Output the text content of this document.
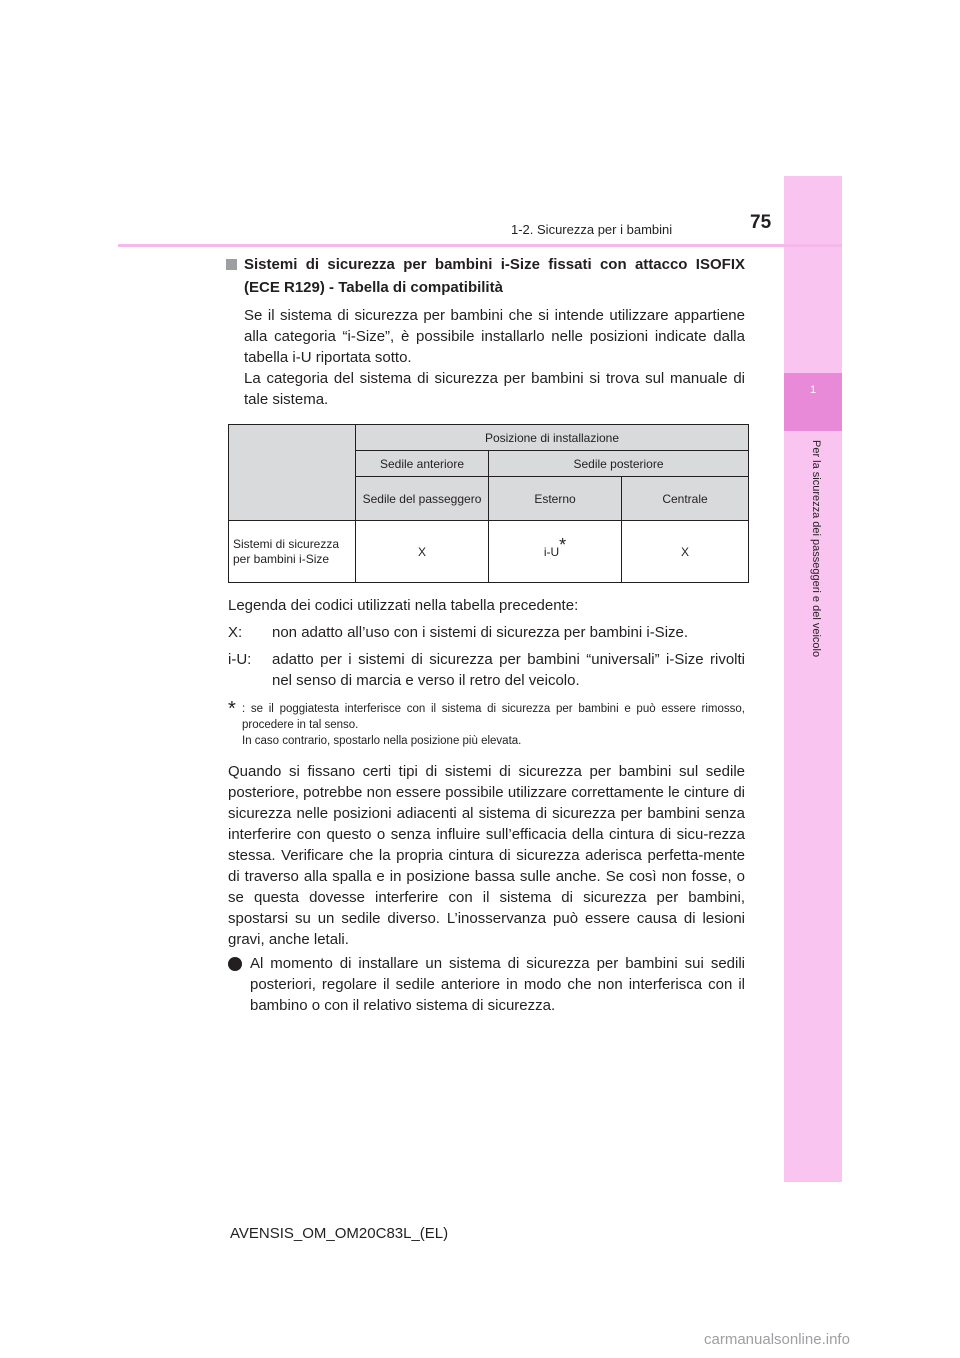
1
Per la sicurezza dei passeggeri e del veicolo
75
1-2. Sicurezza per i bambini

Sistemi di sicurezza per bambini i-Size fissati con attacco ISOFIX (ECE R129) - Tabella di compatibilità

Se il sistema di sicurezza per bambini che si intende utilizzare appartiene alla categoria “i-Size”, è possibile installarlo nelle posizioni indicate dalla tabella i-U riportata sotto.

La categoria del sistema di sicurezza per bambini si trova sul manuale di tale sistema.

	Posizione di installazione		
	Sedile anteriore	Sedile posteriore	
	Sedile del passeggero	Esterno	Centrale
Sistemi di sicurezza per bambini i-Size	X	i-U*	X
Legenda dei codici utilizzati nella tabella precedente:
X:	non adatto all’uso con i sistemi di sicurezza per bambini i-Size.
i-U:	adatto per i sistemi di sicurezza per bambini “universali” i-Size rivolti nel senso di marcia e verso il retro del veicolo.
* : se il poggiatesta interferisce con il sistema di sicurezza per bambini e può essere rimosso, procedere in tal senso.
In caso contrario, spostarlo nella posizione più elevata.

Quando si fissano certi tipi di sistemi di sicurezza per bambini sul sedile posteriore, potrebbe non essere possibile utilizzare correttamente le cinture di sicurezza nelle posizioni adiacenti al sistema di sicurezza per bambini senza interferire con questo o senza influire sull’efficacia della cintura di sicu-rezza stessa. Verificare che la propria cintura di sicurezza aderisca perfetta-mente di traverso alla spalla e in posizione bassa sulle anche. Se così non fosse, o se questa dovesse interferire con il sistema di sicurezza per bambini, spostarsi su un sedile diverso. L’inosservanza può essere causa di lesioni gravi, anche letali.

Al momento di installare un sistema di sicurezza per bambini sui sedili posteriori, regolare il sedile anteriore in modo che non interferisca con il bambino o con il relativo sistema di sicurezza.
AVENSIS_OM_OM20C83L_(EL)
carmanualsonline.info
